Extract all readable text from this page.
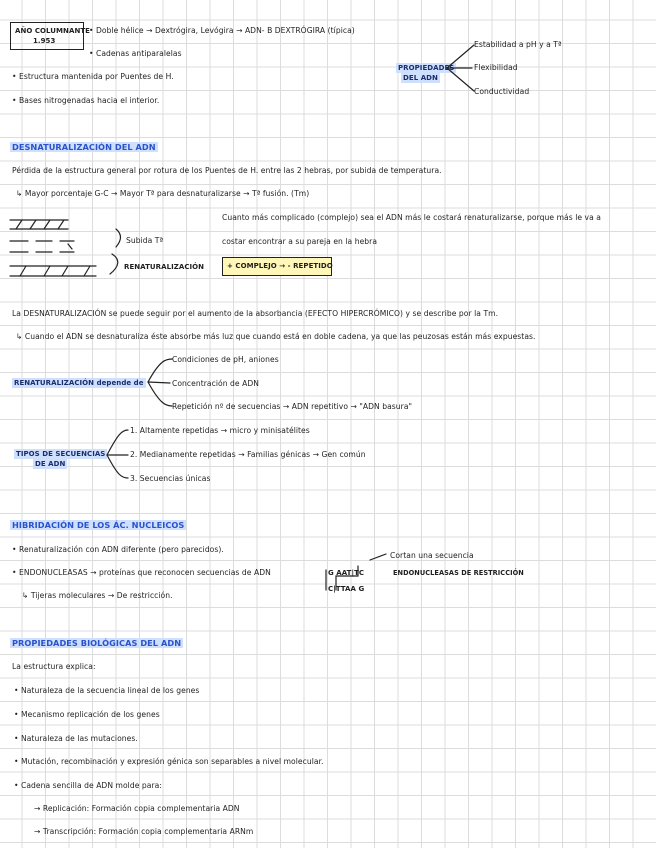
AÑO COLUMNANTE
1.953
• Doble hélice → Dextrógira, Levógira → ADN- B DEXTRÓGIRA (típica)
• Cadenas antiparalelas
• Estructura mantenida por Puentes de H.
• Bases nitrogenadas hacia el interior.
PROPIEDADES
DEL ADN
Estabilidad a pH y a Tª
Flexibilidad
Conductividad
DESNATURALIZACIÓN DEL ADN
Pérdida de la estructura general por rotura de los Puentes de H. entre las 2 hebras, por subida de temperatura.
↳ Mayor porcentaje G-C → Mayor Tª para desnaturalizarse → Tª fusión. (Tm)
Subida Tª
RENATURALIZACIÓN
Cuanto más complicado (complejo) sea el ADN más le costará renaturalizarse, porque más le va a
costar encontrar a su pareja en la hebra
+ COMPLEJO → - REPETIDO
La DESNATURALIZACIÓN se puede seguir por el aumento de la absorbancia (EFECTO HIPERCRÓMICO) y se describe por la Tm.
↳ Cuando el ADN se desnaturaliza éste absorbe más luz que cuando está en doble cadena, ya que las peuzosas están más expuestas.
RENATURALIZACIÓN depende de
Condiciones de pH, aniones
Concentración de ADN
Repetición nº de secuencias → ADN repetitivo → "ADN basura"
TIPOS DE SECUENCIAS
DE ADN
1. Altamente repetidas → micro y minisatélites
2. Medianamente repetidas → Familias génicas → Gen común
3. Secuencias únicas
HIBRIDACIÓN DE LOS ÁC. NUCLEICOS
• Renaturalización con ADN diferente (pero parecidos).
• ENDONUCLEASAS → proteínas que reconocen secuencias de ADN
↳ Tijeras moleculares → De restricción.
G AAT|TC
C|TTAA G
Cortan una secuencia
ENDONUCLEASAS DE RESTRICCIÓN
PROPIEDADES BIOLÓGICAS DEL ADN
La estructura explica:
• Naturaleza de la secuencia lineal de los genes
• Mecanismo replicación de los genes
• Naturaleza de las mutaciones.
• Mutación, recombinación y expresión génica son separables a nivel molecular.
• Cadena sencilla de ADN molde para:
→ Replicación: Formación copia complementaria ADN
→ Transcripción: Formación copia complementaria ARNm
